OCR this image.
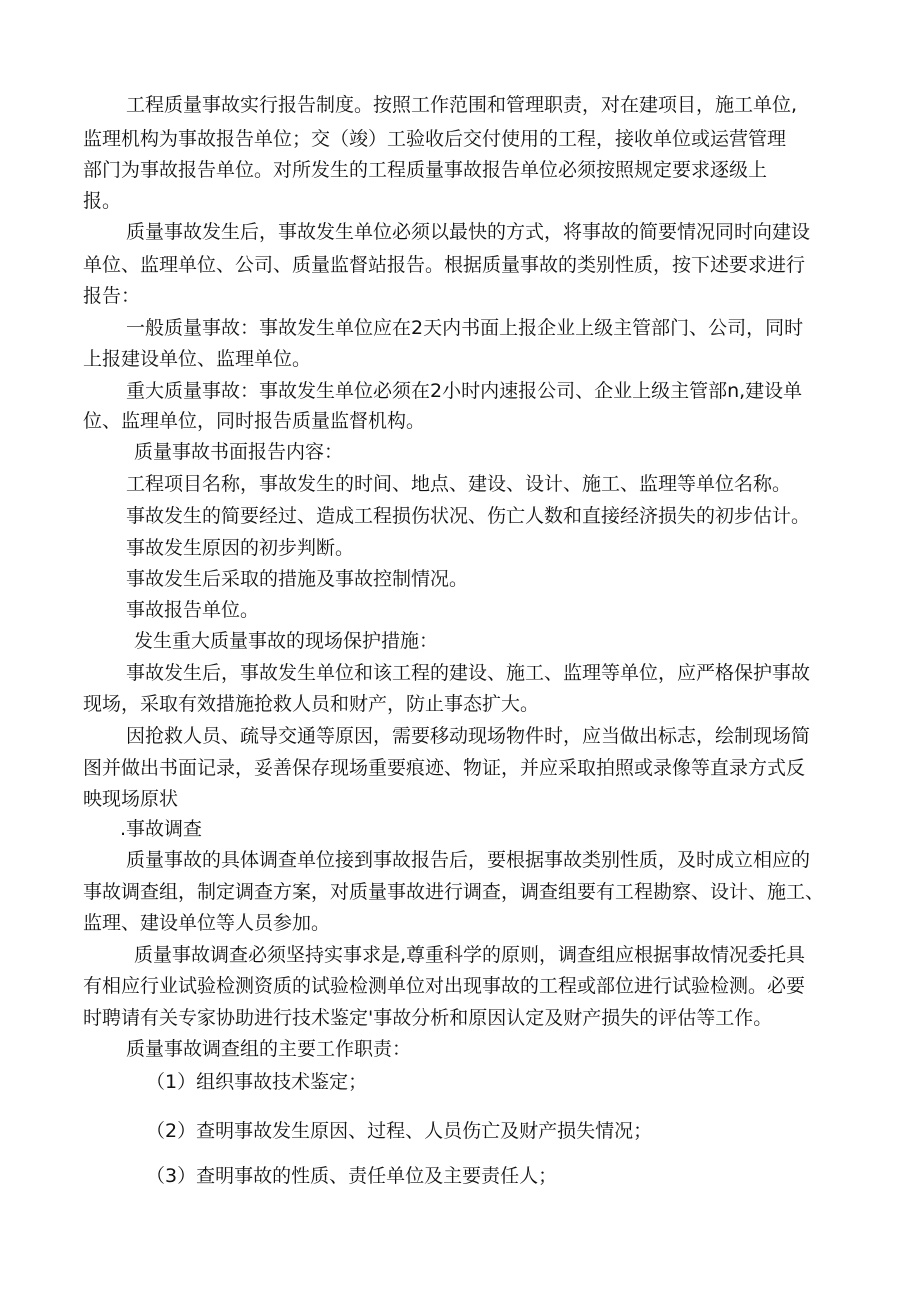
工程质量事故实行报告制度。按照工作范围和管理职责，对在建项目，施工单位,
监理机构为事故报告单位；交（竣）工验收后交付使用的工程，接收单位或运营管理
部门为事故报告单位。对所发生的工程质量事故报告单位必须按照规定要求逐级上
报。
质量事故发生后，事故发生单位必须以最快的方式，将事故的简要情况同时向建设
单位、监理单位、公司、质量监督站报告。根据质量事故的类别性质，按下述要求进行
报告：
一般质量事故：事故发生单位应在2天内书面上报企业上级主管部门、公司，同时
上报建设单位、监理单位。
重大质量事故：事故发生单位必须在2小时内速报公司、企业上级主管部n,建设单
位、监理单位，同时报告质量监督机构。
质量事故书面报告内容：
工程项目名称，事故发生的时间、地点、建设、设计、施工、监理等单位名称。
事故发生的简要经过、造成工程损伤状况、伤亡人数和直接经济损失的初步估计。
事故发生原因的初步判断。
事故发生后采取的措施及事故控制情况。
事故报告单位。
发生重大质量事故的现场保护措施：
事故发生后，事故发生单位和该工程的建设、施工、监理等单位，应严格保护事故
现场，采取有效措施抢救人员和财产，防止事态扩大。
因抢救人员、疏导交通等原因，需要移动现场物件时，应当做出标志，绘制现场简
图并做出书面记录，妥善保存现场重要痕迹、物证，并应采取拍照或录像等直录方式反
映现场原状
.事故调查
质量事故的具体调查单位接到事故报告后，要根据事故类别性质，及时成立相应的
事故调查组，制定调查方案，对质量事故进行调查，调查组要有工程勘察、设计、施工、
监理、建设单位等人员参加。
质量事故调查必须坚持实事求是,尊重科学的原则，调查组应根据事故情况委托具
有相应行业试验检测资质的试验检测单位对出现事故的工程或部位进行试验检测。必要
时聘请有关专家协助进行技术鉴定'事故分析和原因认定及财产损失的评估等工作。
质量事故调查组的主要工作职责：
（1）组织事故技术鉴定；
（2）查明事故发生原因、过程、人员伤亡及财产损失情况；
（3）查明事故的性质、责任单位及主要责任人；
